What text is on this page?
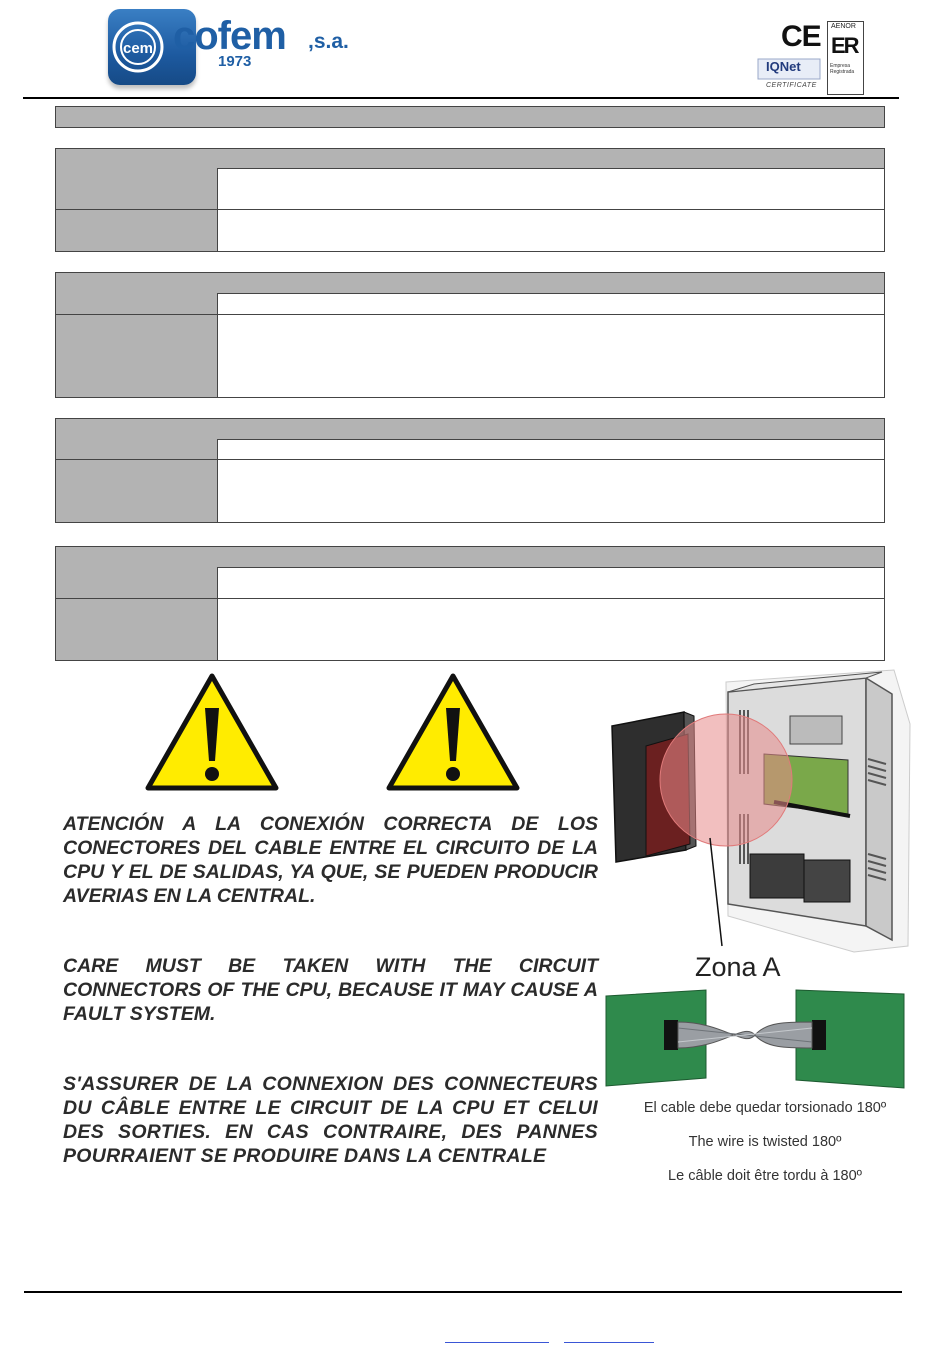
cem cofem ,s.a.
1973
CE
IQNet
CERTIFICATE
AENOR
ER
Empresa Registrada
ATENCIÓN A LA CONEXIÓN CORRECTA DE LOS CONECTORES DEL CABLE ENTRE EL CIRCUITO DE LA CPU Y EL DE SALIDAS, YA QUE, SE PUEDEN PRODUCIR AVERIAS EN LA CENTRAL.
CARE MUST BE TAKEN WITH THE CIRCUIT CONNECTORS OF THE CPU, BECAUSE IT MAY CAUSE A FAULT SYSTEM.
S'ASSURER DE LA CONNEXION DES CONNECTEURS DU CÂBLE ENTRE LE CIRCUIT DE LA CPU ET CELUI DES SORTIES. EN CAS CONTRAIRE, DES PANNES POURRAIENT SE PRODUIRE DANS LA CENTRALE
Zona A
El cable debe quedar torsionado 180º
The wire is twisted 180º
Le câble doit être tordu à 180º
